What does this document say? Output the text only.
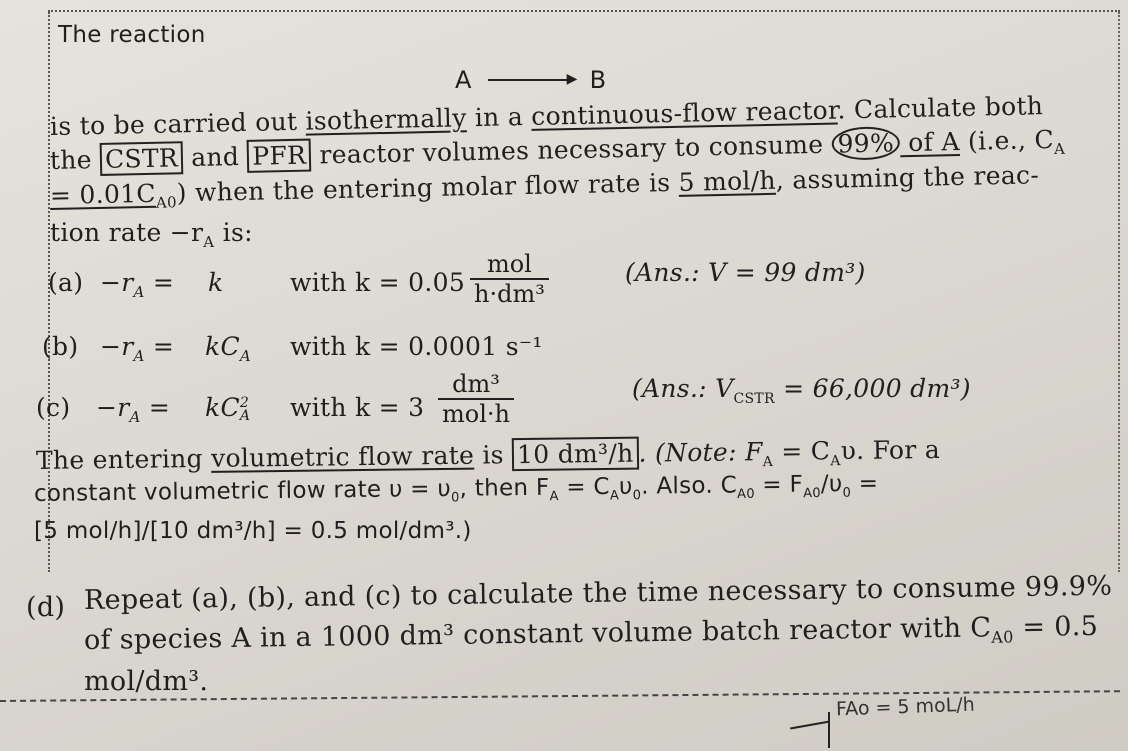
The reaction
A	▶ B
is to be carried out isothermally in a continuous-flow reactor. Calculate both
the CSTR and PFR reactor volumes necessary to consume 99% of A (i.e., $C_A$
= $0.01C_{A0}$) when the entering molar flow rate is 5 mol/h, assuming the reac-
tion rate $-r_A$ is:
$(a) -r_A = k$	with k = 0.05
mol
h·dm³
(Ans.: V = 99 dm³)
$(b) -r_A = kC_A$ with k = 0.0001 s⁻¹
$(c) -r_A$ = kC 2
A with k = 3
dm³
mol·h
(Ans.: $V_{CSTR} = 66,000$ dm³)
The entering volumetric flow rate is 10 dm³/h . (Note: $F_A = C_A\upsilon$. For a
constant volumetric flow rate $\upsilon = \upsilon_0$, then $F_A = C_A\upsilon_0$. Also. $C_{A0} = F_{A0}/\upsilon_0$ =
[5 mol/h]/[10 dm³/h] = 0.5 mol/dm³.)
(d) Repeat (a), (b), and (c) to calculate the time necessary to consume 99.9%
of species A in a 1000 dm³ constant volume batch reactor with $C_{A0} = 0.5$
mol/dm³.
FAo = 5 moL/h
